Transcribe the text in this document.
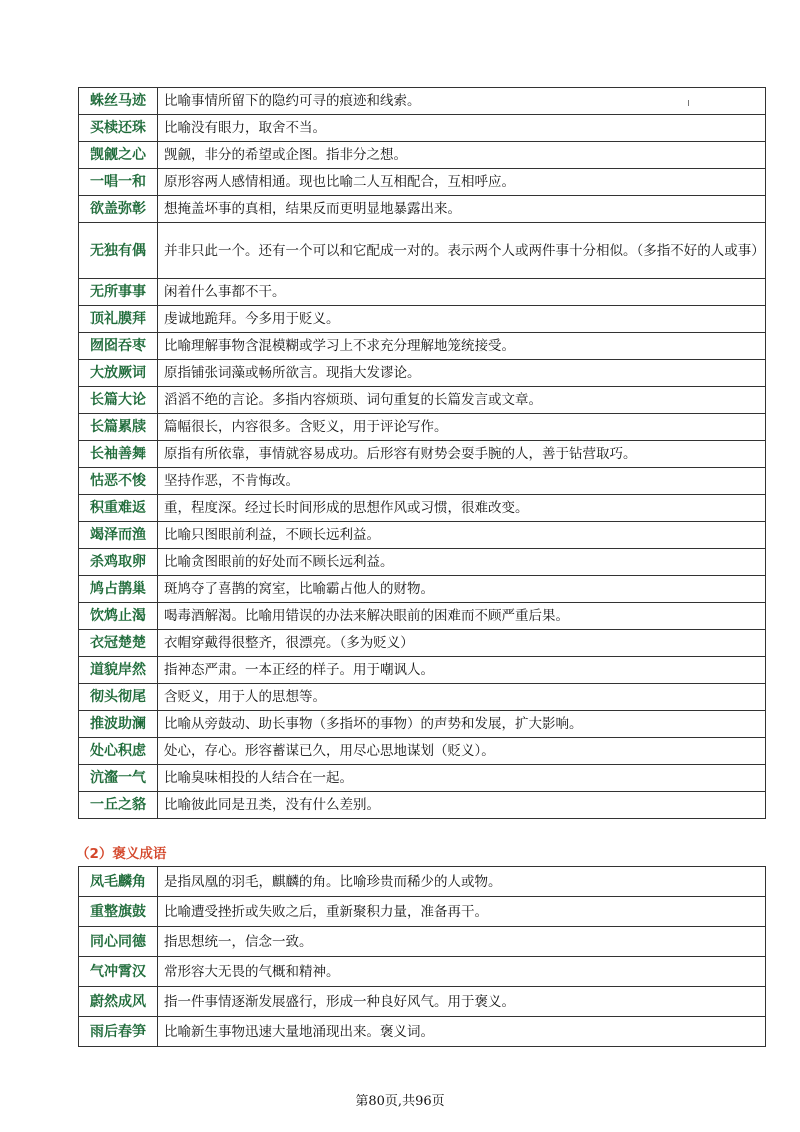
蛛丝马迹	比喻事情所留下的隐约可寻的痕迹和线索。
买椟还珠	比喻没有眼力，取舍不当。
觊觎之心	觊觎，非分的希望或企图。指非分之想。
一唱一和	原形容两人感情相通。现也比喻二人互相配合，互相呼应。
欲盖弥彰	想掩盖坏事的真相，结果反而更明显地暴露出来。
无独有偶	并非只此一个。还有一个可以和它配成一对的。表示两个人或两件事十分相似。（多指不好的人或事）
无所事事	闲着什么事都不干。
顶礼膜拜	虔诚地跪拜。今多用于贬义。
囫囵吞枣	比喻理解事物含混模糊或学习上不求充分理解地笼统接受。
大放厥词	原指铺张词藻或畅所欲言。现指大发谬论。
长篇大论	滔滔不绝的言论。多指内容烦琐、词句重复的长篇发言或文章。
长篇累牍	篇幅很长，内容很多。含贬义，用于评论写作。
长袖善舞	原指有所依靠，事情就容易成功。后形容有财势会耍手腕的人，善于钻营取巧。
怙恶不悛	坚持作恶，不肯悔改。
积重难返	重，程度深。经过长时间形成的思想作风或习惯，很难改变。
竭泽而渔	比喻只图眼前利益，不顾长远利益。
杀鸡取卵	比喻贪图眼前的好处而不顾长远利益。
鸠占鹊巢	斑鸠夺了喜鹊的窝室，比喻霸占他人的财物。
饮鸩止渴	喝毒酒解渴。比喻用错误的办法来解决眼前的困难而不顾严重后果。
衣冠楚楚	衣帽穿戴得很整齐，很漂亮。（多为贬义）
道貌岸然	指神态严肃。一本正经的样子。用于嘲讽人。
彻头彻尾	含贬义，用于人的思想等。
推波助澜	比喻从旁鼓动、助长事物（多指坏的事物）的声势和发展，扩大影响。
处心积虑	处心，存心。形容蓄谋已久，用尽心思地谋划（贬义）。
沆瀣一气	比喻臭味相投的人结合在一起。
一丘之貉	比喻彼此同是丑类，没有什么差别。
（2）褒义成语
凤毛麟角	是指凤凰的羽毛，麒麟的角。比喻珍贵而稀少的人或物。
重整旗鼓	比喻遭受挫折或失败之后，重新聚积力量，准备再干。
同心同德	指思想统一，信念一致。
气冲霄汉	常形容大无畏的气概和精神。
蔚然成风	指一件事情逐渐发展盛行，形成一种良好风气。用于褒义。
雨后春笋	比喻新生事物迅速大量地涌现出来。褒义词。
第80页,共96页
